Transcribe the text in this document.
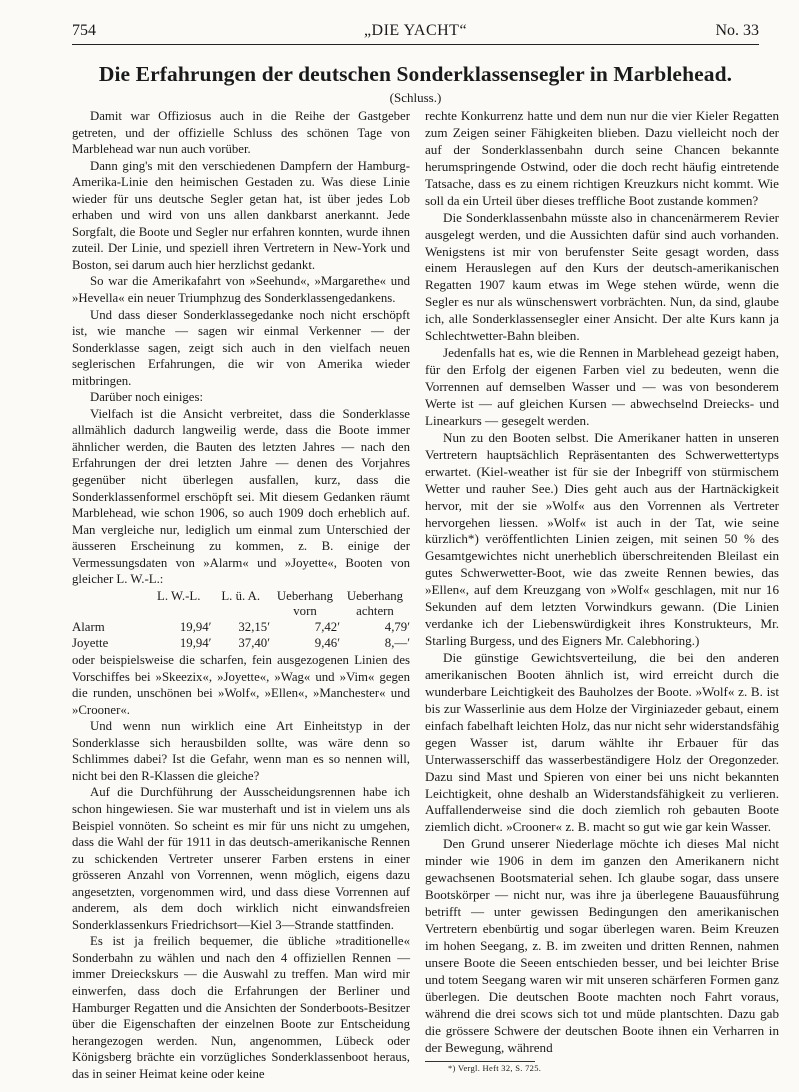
754	„DIE YACHT“	No. 33
Die Erfahrungen der deutschen Sonderklassensegler in Marblehead.
(Schluss.)

Damit war Offiziosus auch in die Reihe der Gastgeber getreten, und der offizielle Schluss des schönen Tage von Marblehead war nun auch vorüber.

Dann ging's mit den verschiedenen Dampfern der Hamburg-Amerika-Linie den heimischen Gestaden zu. Was diese Linie wieder für uns deutsche Segler getan hat, ist über jedes Lob erhaben und wird von uns allen dankbarst anerkannt. Jede Sorgfalt, die Boote und Segler nur erfahren konnten, wurde ihnen zuteil. Der Linie, und speziell ihren Vertretern in New-York und Boston, sei darum auch hier herzlichst gedankt.

So war die Amerikafahrt von »Seehund«, »Margarethe« und »Hevella« ein neuer Triumphzug des Sonderklassengedankens.

Und dass dieser Sonderklassegedanke noch nicht erschöpft ist, wie manche — sagen wir einmal Verkenner — der Sonderklasse sagen, zeigt sich auch in den vielfach neuen seglerischen Erfahrungen, die wir von Amerika wieder mitbringen.

Darüber noch einiges:

Vielfach ist die Ansicht verbreitet, dass die Sonderklasse allmählich dadurch langweilig werde, dass die Boote immer ähnlicher werden, die Bauten des letzten Jahres — nach den Erfahrungen der drei letzten Jahre — denen des Vorjahres gegenüber nicht überlegen ausfallen, kurz, dass die Sonderklassenformel erschöpft sei. Mit diesem Gedanken räumt Marblehead, wie schon 1906, so auch 1909 doch erheblich auf. Man vergleiche nur, lediglich um einmal zum Unterschied der äusseren Erscheinung zu kommen, z. B. einige der Vermessungsdaten von »Alarm« und »Joyette«, Booten von gleicher L. W.-L.:

	L. W.-L.	L. ü. A.	Ueberhang vorn	Ueberhang achtern
Alarm	19,94′	32,15′	7,42′	4,79′
Joyette	19,94′	37,40′	9,46′	8,—′

oder beispielsweise die scharfen, fein ausgezogenen Linien des Vorschiffes bei »Skeezix«, »Joyette«, »Wag« und »Vim« gegen die runden, unschönen bei »Wolf«, »Ellen«, »Manchester« und »Crooner«.

Und wenn nun wirklich eine Art Einheitstyp in der Sonderklasse sich herausbilden sollte, was wäre denn so Schlimmes dabei? Ist die Gefahr, wenn man es so nennen will, nicht bei den R-Klassen die gleiche?

Auf die Durchführung der Ausscheidungsrennen habe ich schon hingewiesen. Sie war musterhaft und ist in vielem uns als Beispiel vonnöten. So scheint es mir für uns nicht zu umgehen, dass die Wahl der für 1911 in das deutsch-amerikanische Rennen zu schickenden Vertreter unserer Farben erstens in einer grösseren Anzahl von Vorrennen, wenn möglich, eigens dazu angesetzten, vorgenommen wird, und dass diese Vorrennen auf anderem, als dem doch wirklich nicht einwandsfreien Sonderklassenkurs Friedrichsort—Kiel 3—Strande stattfinden.

Es ist ja freilich bequemer, die übliche »traditionelle« Sonderbahn zu wählen und nach den 4 offiziellen Rennen — immer Dreieckskurs — die Auswahl zu treffen. Man wird mir einwerfen, dass doch die Erfahrungen der Berliner und Hamburger Regatten und die Ansichten der Sonderboots-Besitzer über die Eigenschaften der einzelnen Boote zur Entscheidung herangezogen werden. Nun, angenommen, Lübeck oder Königsberg brächte ein vorzügliches Sonderklassenboot heraus, das in seiner Heimat keine oder keine

rechte Konkurrenz hatte und dem nun nur die vier Kieler Regatten zum Zeigen seiner Fähigkeiten blieben. Dazu vielleicht noch der auf der Sonderklassenbahn durch seine Chancen bekannte herumspringende Ostwind, oder die doch recht häufig eintretende Tatsache, dass es zu einem richtigen Kreuzkurs nicht kommt. Wie soll da ein Urteil über dieses treffliche Boot zustande kommen?

Die Sonderklassenbahn müsste also in chancenärmerem Revier ausgelegt werden, und die Aussichten dafür sind auch vorhanden. Wenigstens ist mir von berufenster Seite gesagt worden, dass einem Herauslegen auf den Kurs der deutsch-amerikanischen Regatten 1907 kaum etwas im Wege stehen würde, wenn die Segler es nur als wünschenswert vorbrächten. Nun, da sind, glaube ich, alle Sonderklassensegler einer Ansicht. Der alte Kurs kann ja Schlechtwetter-Bahn bleiben.

Jedenfalls hat es, wie die Rennen in Marblehead gezeigt haben, für den Erfolg der eigenen Farben viel zu bedeuten, wenn die Vorrennen auf demselben Wasser und — was von besonderem Werte ist — auf gleichen Kursen — abwechselnd Dreiecks- und Linearkurs — gesegelt werden.

Nun zu den Booten selbst. Die Amerikaner hatten in unseren Vertretern hauptsächlich Repräsentanten des Schwerwettertyps erwartet. (Kiel-weather ist für sie der Inbegriff von stürmischem Wetter und rauher See.) Dies geht auch aus der Hartnäckigkeit hervor, mit der sie »Wolf« aus den Vorrennen als Vertreter hervorgehen liessen. »Wolf« ist auch in der Tat, wie seine kürzlich*) veröffentlichten Linien zeigen, mit seinen 50 % des Gesamtgewichtes nicht unerheblich überschreitenden Bleilast ein gutes Schwerwetter-Boot, wie das zweite Rennen bewies, das »Ellen«, auf dem Kreuzgang von »Wolf« geschlagen, mit nur 16 Sekunden auf dem letzten Vorwindkurs gewann. (Die Linien verdanke ich der Liebenswürdigkeit ihres Konstrukteurs, Mr. Starling Burgess, und des Eigners Mr. Calebhoring.)

Die günstige Gewichtsverteilung, die bei den anderen amerikanischen Booten ähnlich ist, wird erreicht durch die wunderbare Leichtigkeit des Bauholzes der Boote. »Wolf« z. B. ist bis zur Wasserlinie aus dem Holze der Virginiazeder gebaut, einem einfach fabelhaft leichten Holz, das nur nicht sehr widerstandsfähig gegen Wasser ist, darum wählte ihr Erbauer für das Unterwasserschiff das wasserbeständigere Holz der Oregonzeder. Dazu sind Mast und Spieren von einer bei uns nicht bekannten Leichtigkeit, ohne deshalb an Widerstandsfähigkeit zu verlieren. Auffallenderweise sind die doch ziemlich roh gebauten Boote ziemlich dicht. »Crooner« z. B. macht so gut wie gar kein Wasser.

Den Grund unserer Niederlage möchte ich dieses Mal nicht minder wie 1906 in dem im ganzen den Amerikanern nicht gewachsenen Bootsmaterial sehen. Ich glaube sogar, dass unsere Bootskörper — nicht nur, was ihre ja überlegene Bauausführung betrifft — unter gewissen Bedingungen den amerikanischen Vertretern ebenbürtig und sogar überlegen waren. Beim Kreuzen im hohen Seegang, z. B. im zweiten und dritten Rennen, nahmen unsere Boote die Seeen entschieden besser, und bei leichter Brise und totem Seegang waren wir mit unseren schärferen Formen ganz überlegen. Die deutschen Boote machten noch Fahrt voraus, während die drei scows sich tot und müde plantschten. Dazu gab die grössere Schwere der deutschen Boote ihnen ein Verharren in der Bewegung, während

*) Vergl. Heft 32, S. 725.
